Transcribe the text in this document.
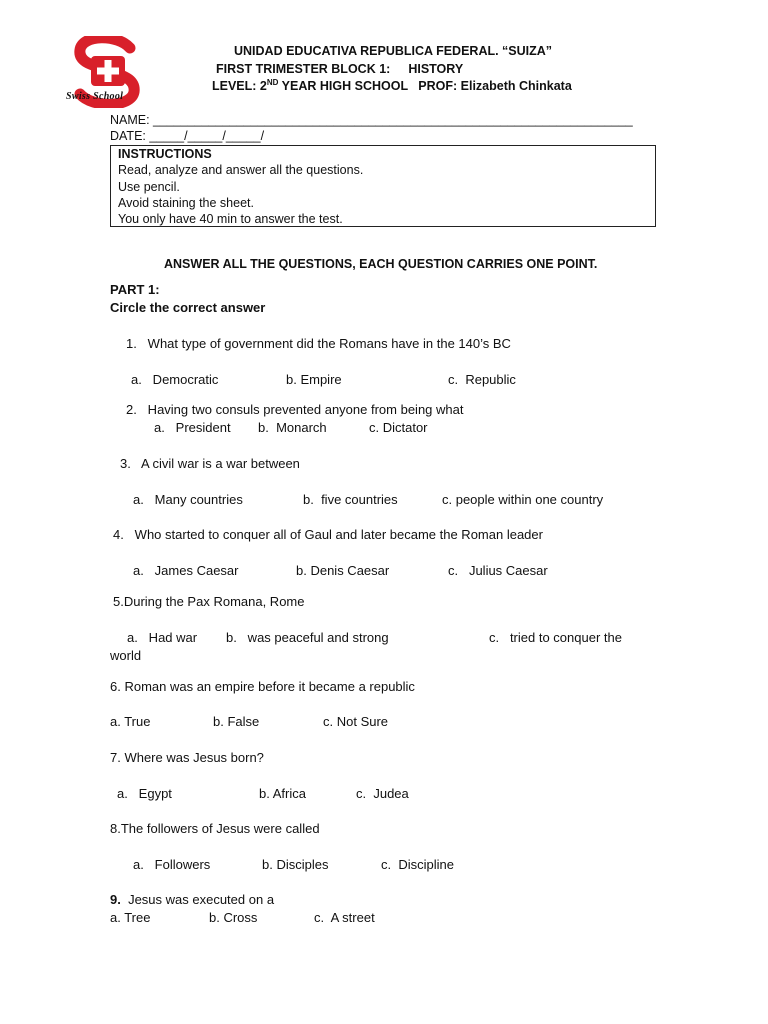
Swiss School
UNIDAD EDUCATIVA REPUBLICA FEDERAL. “SUIZA”
FIRST TRIMESTER BLOCK 1: HISTORY
LEVEL: 2ND YEAR HIGH SCHOOL   PROF: Elizabeth Chinkata
NAME: _____________________________________________________________________
DATE: _____/_____/_____/
INSTRUCTIONS
Read, analyze and answer all the questions.
Use pencil.
Avoid staining the sheet.
You only have 40 min to answer the test.
ANSWER ALL THE QUESTIONS, EACH QUESTION CARRIES ONE POINT.
PART 1:
Circle the correct answer
1.   What type of government did the Romans have in the 140’s BC
a.   Democratic	b. Empire	c.  Republic
2.   Having two consuls prevented anyone from being what
a.   President b.  Monarch	c. Dictator
3.   A civil war is a war between
a.   Many countries	b.  five countries	c. people within one country
4.   Who started to conquer all of Gaul and later became the Roman leader
a.   James Caesar	b. Denis Caesar	c.   Julius Caesar
5.During the Pax Romana, Rome
a.   Had war b.   was peaceful and strong	c.   tried to conquer the
world
6. Roman was an empire before it became a republic
a. True	b. False	c. Not Sure
7. Where was Jesus born?
a.   Egypt	b. Africa	c.  Judea
8.The followers of Jesus were called
a.   Followers	b. Disciples	c.  Discipline
9.  Jesus was executed on a
a. Tree	b. Cross	c.  A street
